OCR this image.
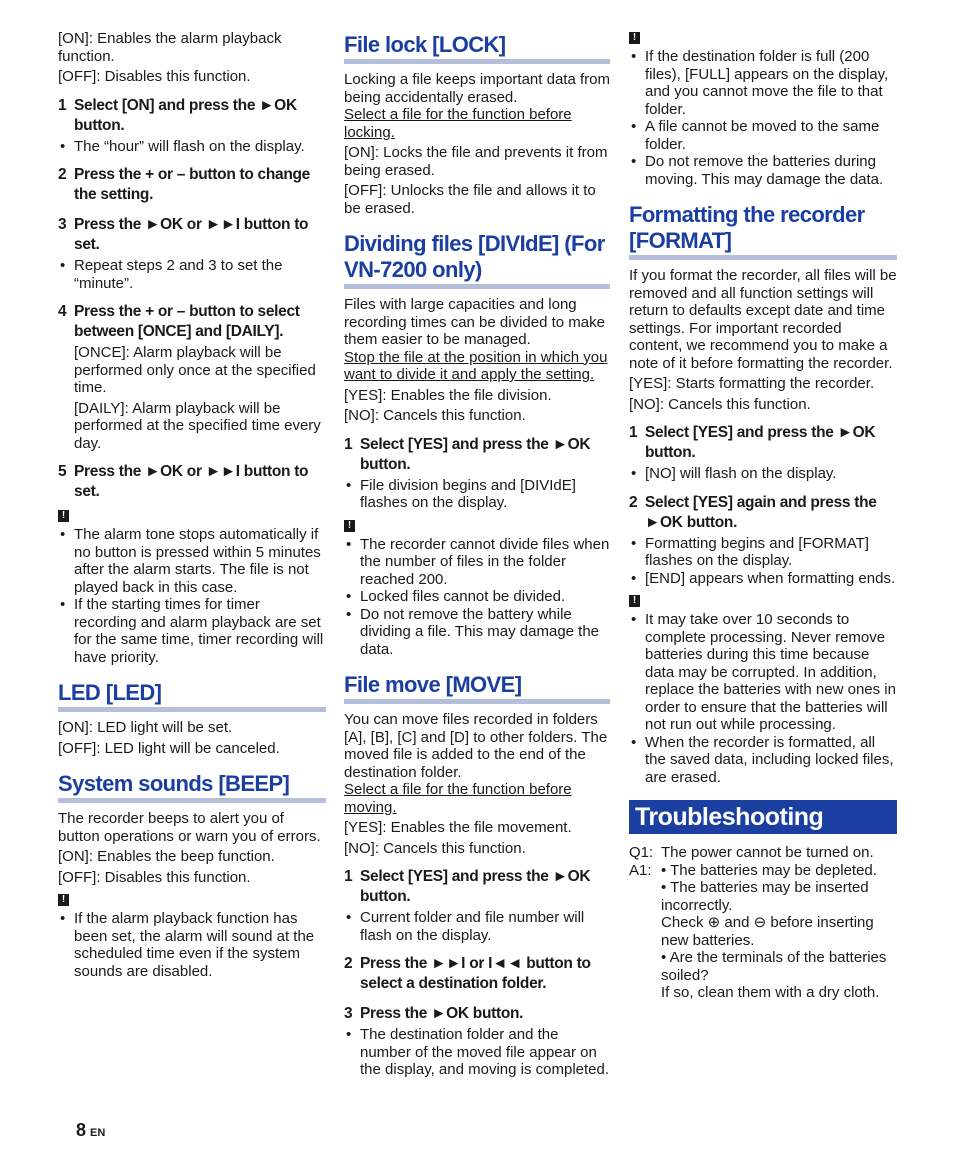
[ON]: Enables the alarm playback function.

[OFF]: Disables this function.

1 Select [ON] and press the ►OK button.
• The “hour” will flash on the display.
2 Press the + or – button to change the setting.
3 Press the ►OK or ►►I button to set.
• Repeat steps 2 and 3 to set the “minute”.
4 Press the + or – button to select between [ONCE] and [DAILY].

[ONCE]: Alarm playback will be performed only once at the specified time.

[DAILY]: Alarm playback will be performed at the specified time every day.

5 Press the ►OK or ►►I button to set.
!
• The alarm tone stops automatically if no button is pressed within 5 minutes after the alarm starts. The file is not played back in this case.
• If the starting times for timer recording and alarm playback are set for the same time, timer recording will have priority.
LED [LED]

[ON]: LED light will be set.

[OFF]: LED light will be canceled.

System sounds [BEEP]

The recorder beeps to alert you of button operations or warn you of errors.

[ON]: Enables the beep function.

[OFF]: Disables this function.

!
• If the alarm playback function has been set, the alarm will sound at the scheduled time even if the system sounds are disabled.
File lock [LOCK]

Locking a file keeps important data from being accidentally erased.

Select a file for the function before locking.

[ON]: Locks the file and prevents it from being erased.

[OFF]: Unlocks the file and allows it to be erased.

Dividing files [DIVIdE] (For VN-7200 only)

Files with large capacities and long recording times can be divided to make them easier to be managed.

Stop the file at the position in which you want to divide it and apply the setting.

[YES]: Enables the file division.

[NO]: Cancels this function.

1 Select [YES] and press the ►OK button.
• File division begins and [DIVIdE] flashes on the display.
!
• The recorder cannot divide files when the number of files in the folder reached 200.
• Locked files cannot be divided.
• Do not remove the battery while dividing a file. This may damage the data.
File move [MOVE]

You can move files recorded in folders [A], [B], [C] and [D] to other folders. The moved file is added to the end of the destination folder.

Select a file for the function before moving.

[YES]: Enables the file movement.

[NO]: Cancels this function.

1 Select [YES] and press the ►OK button.
• Current folder and file number will flash on the display.
2 Press the ►►I or I◄◄ button to select a destination folder.
3 Press the ►OK button.
• The destination folder and the number of the moved file appear on the display, and moving is completed.
!
• If the destination folder is full (200 files), [FULL] appears on the display, and you cannot move the file to that folder.
• A file cannot be moved to the same folder.
• Do not remove the batteries during moving. This may damage the data.
Formatting the recorder [FORMAT]

If you format the recorder, all files will be removed and all function settings will return to defaults except date and time settings. For important recorded content, we recommend you to make a note of it before formatting the recorder.

[YES]: Starts formatting the recorder.

[NO]: Cancels this function.

1 Select [YES] and press the ►OK button.
• [NO] will flash on the display.
2 Select [YES] again and press the ►OK button.
• Formatting begins and [FORMAT] flashes on the display.
• [END] appears when formatting ends.
!
• It may take over 10 seconds to complete processing. Never remove batteries during this time because data may be corrupted. In addition, replace the batteries with new ones in order to ensure that the batteries will not run out while processing.
• When the recorder is formatted, all the saved data, including locked files, are erased.
Troubleshooting
Q1: The power cannot be turned on.
A1: • The batteries may be depleted.
• The batteries may be inserted incorrectly.
Check ⊕ and ⊖ before inserting new batteries.
• Are the terminals of the batteries soiled?
If so, clean them with a dry cloth.
8 EN
